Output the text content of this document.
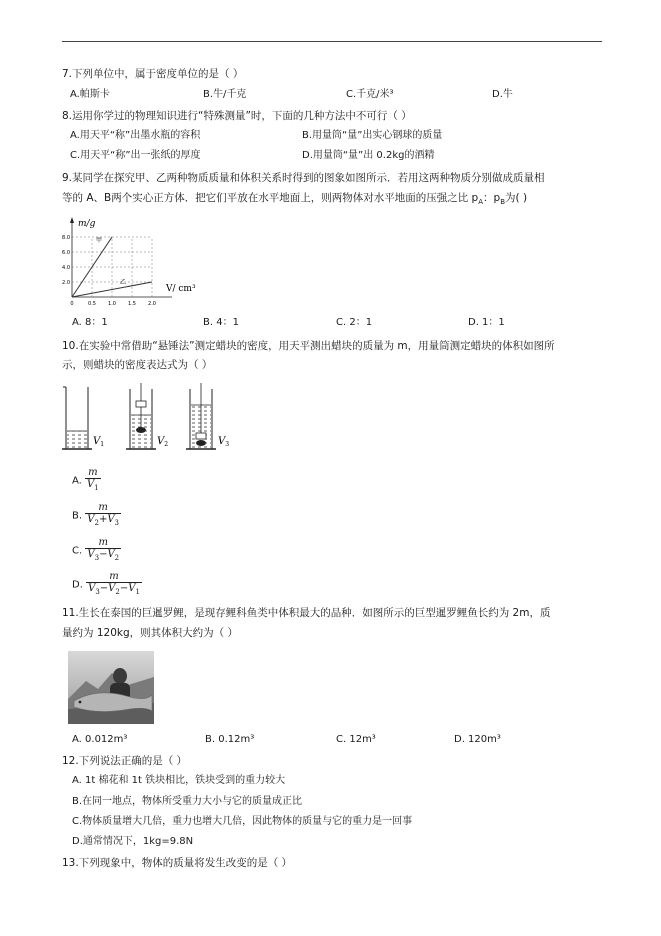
7.下列单位中，属于密度单位的是（ ）
A.帕斯卡	B.牛/千克	C.千克/米³	D.牛
8.运用你学过的物理知识进行“特殊测量”时，下面的几种方法中不可行（ ）
A.用天平“称”出墨水瓶的容积	B.用量筒“量”出实心钢球的质量
C.用天平“称”出一张纸的厚度	D.用量筒“量”出 0.2kg的酒精
9.某同学在探究甲、乙两种物质质量和体积关系时得到的图象如图所示．若用这两种物质分别做成质量相
等的 A、B两个实心正方体．把它们平放在水平地面上，则两物体对水平地面的压强之比 $p_A$：$p_B$为( )
8.0
6.0
4.0
2.0
0	0.5 1.0 1.5 2.0
m/g
V/ cm³
甲
乙
A. 8：1	B. 4：1	C. 2：1	D. 1：1
10.在实验中常借助“悬锤法”测定蜡块的密度，用天平测出蜡块的质量为 m，用量筒测定蜡块的体积如图所
示，则蜡块的密度表达式为（ ）
$V_1$	$V_2$	$V_3$
A. $\frac{m}{V_1}$
B. $\frac{m}{V_2+V_3}$
C. $\frac{m}{V_3-V_2}$
D. $\frac{m}{V_3-V_2-V_1}$
11.生长在泰国的巨暹罗鲤，是现存鲤科鱼类中体积最大的品种．如图所示的巨型暹罗鲤鱼长约为 2m，质
量约为 120kg，则其体积大约为（ ）
A. 0.012m³	B. 0.12m³	C. 12m³	D. 120m³
12.下列说法正确的是（ ）
A. 1t 棉花和 1t 铁块相比，铁块受到的重力较大
B.在同一地点，物体所受重力大小与它的质量成正比
C.物体质量增大几倍，重力也增大几倍，因此物体的质量与它的重力是一回事
D.通常情况下，1kg=9.8N
13.下列现象中，物体的质量将发生改变的是（ ）
